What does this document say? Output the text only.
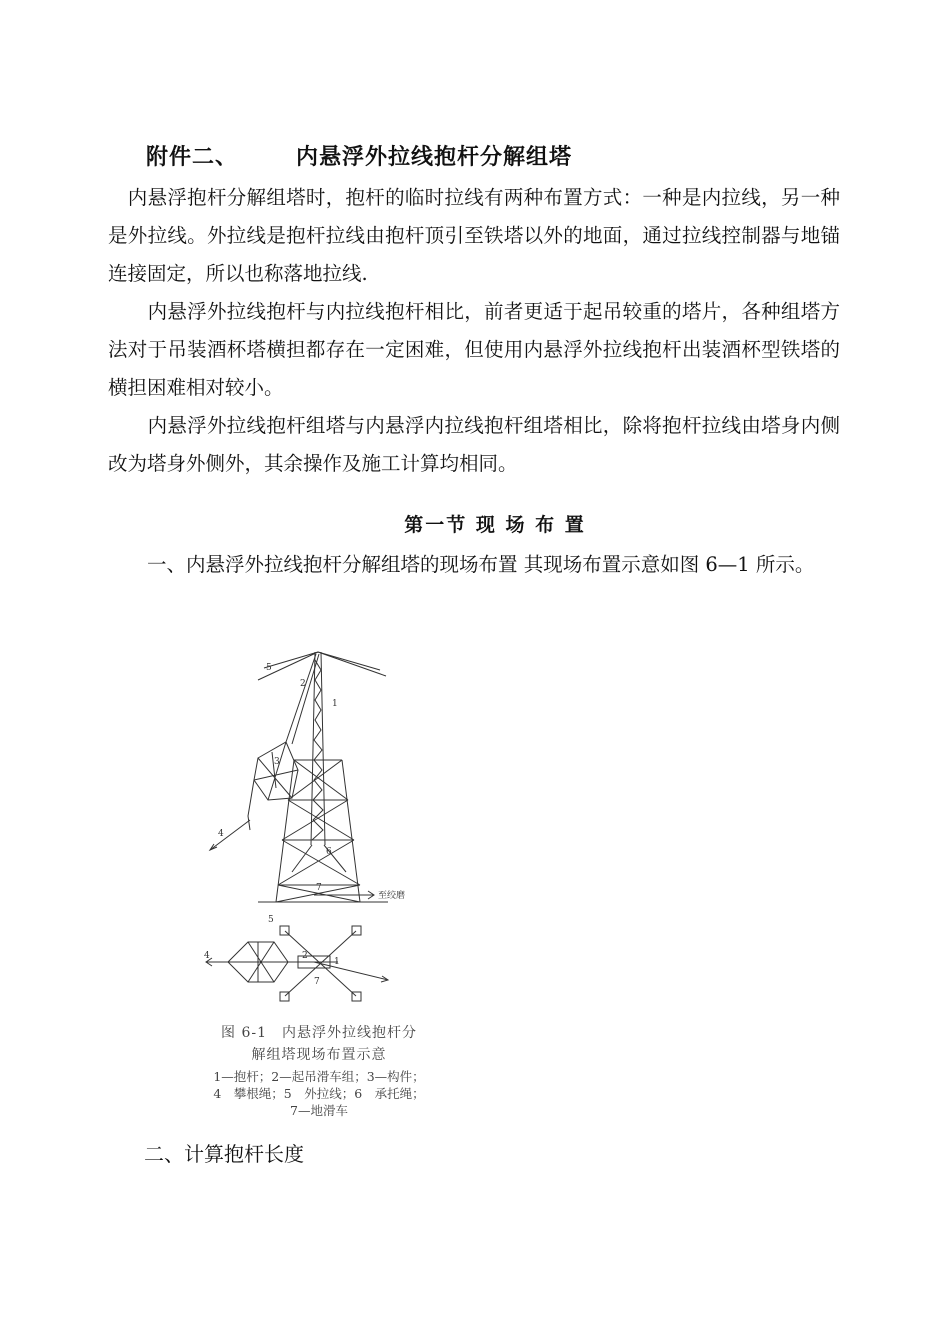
附件二、	内悬浮外拉线抱杆分解组塔

　内悬浮抱杆分解组塔时，抱杆的临时拉线有两种布置方式：一种是内拉线，另一种是外拉线。外拉线是抱杆拉线由抱杆顶引至铁塔以外的地面，通过拉线控制器与地锚连接固定，所以也称落地拉线.

　　内悬浮外拉线抱杆与内拉线抱杆相比，前者更适于起吊较重的塔片，各种组塔方法对于吊装酒杯塔横担都存在一定困难，但使用内悬浮外拉线抱杆出装酒杯型铁塔的横担困难相对较小。

　　内悬浮外拉线抱杆组塔与内悬浮内拉线抱杆组塔相比，除将抱杆拉线由塔身内侧改为塔身外侧外，其余操作及施工计算均相同。

第一节 现 场 布 置

　　一、内悬浮外拉线抱杆分解组塔的现场布置 其现场布置示意如图 6—1 所示。

5
2
1
3
4
6
7
至绞磨
5
4	2
1
7
图 6-1　内悬浮外拉线抱杆分
解组塔现场布置示意
1—抱杆；2—起吊滑车组；3—构件；
4　攀根绳；5　外拉线；6　承托绳；
7—地滑车
二、计算抱杆长度
